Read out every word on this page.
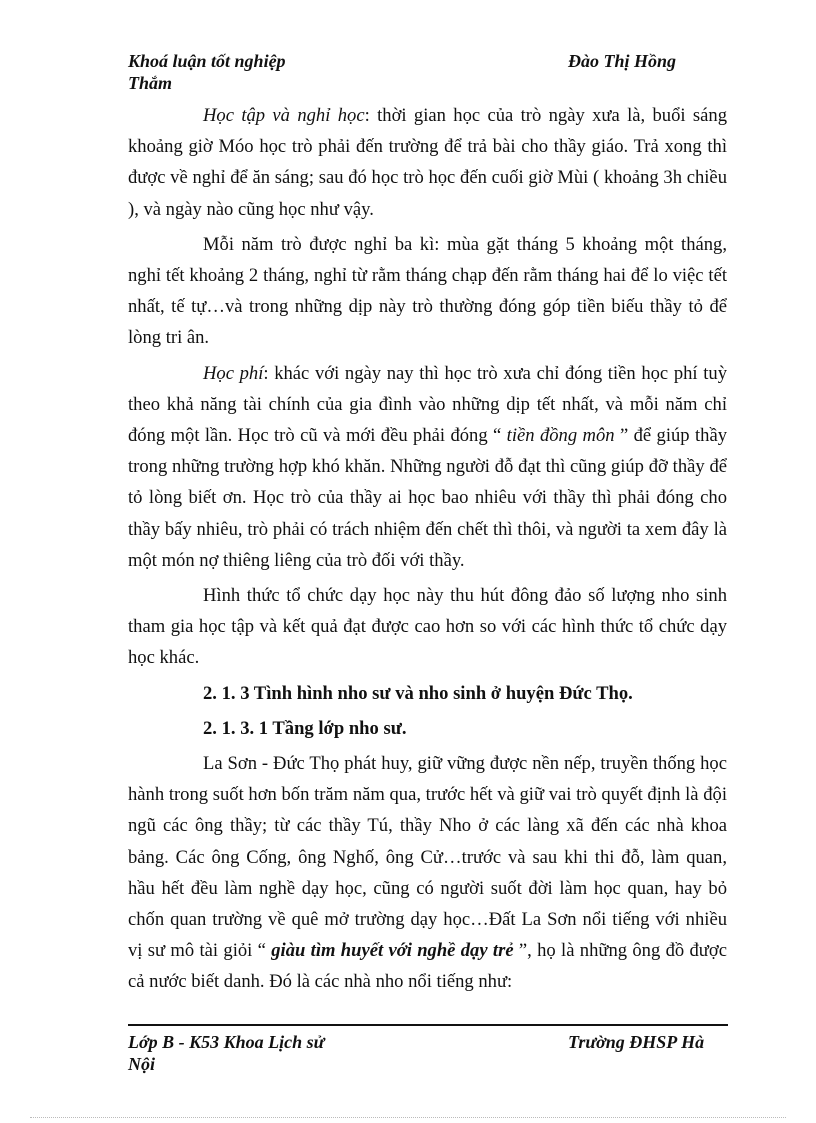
Khoá luận tốt nghiệp	Đào Thị Hồng
Thắm

Học tập và nghỉ học: thời gian học của trò ngày xưa là, buổi sáng khoảng giờ Móo học trò phải đến trường để trả bài cho thầy giáo. Trả xong thì được về nghỉ để ăn sáng; sau đó học trò học đến cuối giờ Mùi ( khoảng 3h chiều ), và ngày nào cũng học như vậy.

Mỗi năm trò được nghỉ ba kì: mùa gặt tháng 5 khoảng một tháng, nghỉ tết khoảng 2 tháng, nghỉ từ rằm tháng chạp đến rằm tháng hai để lo việc tết nhất, tế tự…và trong những dịp này trò thường đóng góp tiền biếu thầy tỏ để lòng tri ân.

Học phí: khác với ngày nay thì học trò xưa chỉ đóng tiền học phí tuỳ theo khả năng tài chính của gia đình vào những dịp tết nhất, và mỗi năm chỉ đóng một lần. Học trò cũ và mới đều phải đóng “ tiền đồng môn ” để giúp thầy trong những trường hợp khó khăn. Những người đỗ đạt thì cũng giúp đỡ thầy để tỏ lòng biết ơn. Học trò của thầy ai học bao nhiêu với thầy thì phải đóng cho thầy bấy nhiêu, trò phải có trách nhiệm đến chết thì thôi, và người ta xem đây là một món nợ thiêng liêng của trò đối với thầy.

Hình thức tổ chức dạy học này thu hút đông đảo số lượng nho sinh tham gia học tập và kết quả đạt được cao hơn so với các hình thức tổ chức dạy học khác.

2. 1. 3 Tình hình nho sư và nho sinh ở huyện Đức Thọ.

2. 1. 3. 1 Tầng lớp nho sư.

La Sơn - Đức Thọ phát huy, giữ vững được nền nếp, truyền thống học hành trong suốt hơn bốn trăm năm qua, trước hết và giữ vai trò quyết định là đội ngũ các ông thầy; từ các thầy Tú, thầy Nho ở các làng xã đến các nhà khoa bảng. Các ông Cống, ông Nghố, ông Cử…trước và sau khi thi đỗ, làm quan, hầu hết đều làm nghề dạy học, cũng có người suốt đời làm học quan, hay bỏ chốn quan trường về quê mở trường dạy học…Đất La Sơn nổi tiếng với nhiều vị sư mô tài giỏi “ giàu tìm huyết với nghề dạy trẻ ”, họ là những ông đồ được cả nước biết danh. Đó là các nhà nho nổi tiếng như:

Lớp B - K53 Khoa Lịch sử	Trường ĐHSP Hà
Nội
